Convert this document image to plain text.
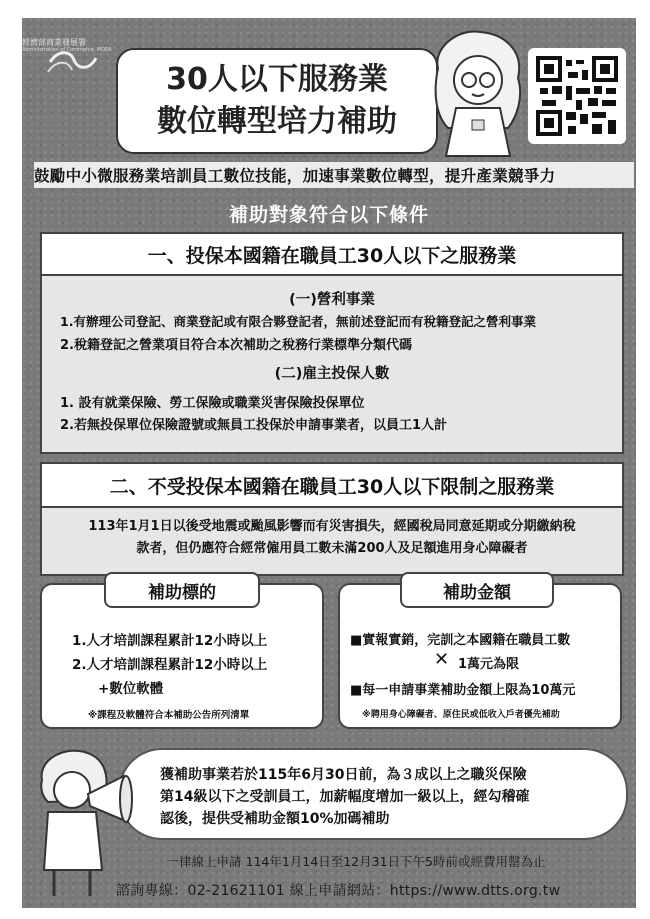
經濟部商業發展署
Administration of Commerce, MOEA
30人以下服務業
數位轉型培力補助
鼓勵中小微服務業培訓員工數位技能，加速事業數位轉型，提升產業競爭力
補助對象符合以下條件
一、投保本國籍在職員工30人以下之服務業
(一)營利事業
1.有辦理公司登記、商業登記或有限合夥登記者，無前述登記而有稅籍登記之營利事業
2.稅籍登記之營業項目符合本次補助之稅務行業標準分類代碼
(二)雇主投保人數
1. 設有就業保險、勞工保險或職業災害保險投保單位
2.若無投保單位保險證號或無員工投保於申請事業者，以員工1人計
二、不受投保本國籍在職員工30人以下限制之服務業
113年1月1日以後受地震或颱風影響而有災害損失，經國稅局同意延期或分期繳納稅
款者，但仍應符合經常僱用員工數未滿200人及足額進用身心障礙者
1.人才培訓課程累計12小時以上
2.人才培訓課程累計12小時以上
+數位軟體
※課程及軟體符合本補助公告所列清單
補助標的
■實報實銷，完訓之本國籍在職員工數
✕ 1萬元為限
■每一申請事業補助金額上限為10萬元
※聘用身心障礙者、原住民或低收入戶者優先補助
補助金額
獲補助事業若於115年6月30日前，為３成以上之職災保險
第14級以下之受訓員工，加薪幅度增加一級以上，經勾稽確
認後，提供受補助金額10%加碼補助
一律線上申請 114年1月14日至12月31日下午5時前或經費用罄為止
諮詢專線：02-21621101 線上申請網站：https://www.dtts.org.tw
